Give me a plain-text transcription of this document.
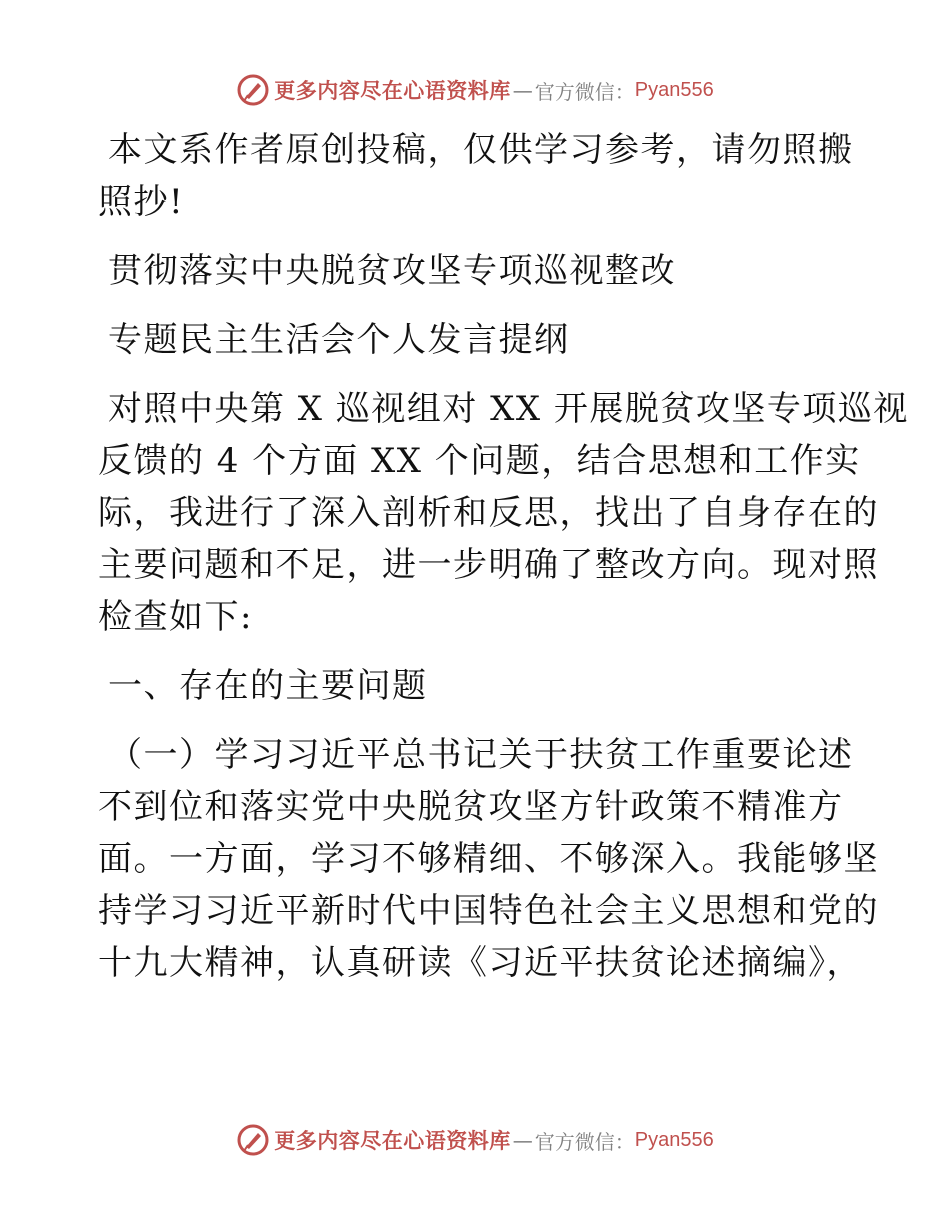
更多内容尽在心语资料库 — 官方微信： Pyan556
本文系作者原创投稿，仅供学习参考，请勿照搬
照抄!
贯彻落实中央脱贫攻坚专项巡视整改
专题民主生活会个人发言提纲
对照中央第 X 巡视组对 XX 开展脱贫攻坚专项巡视
反馈的 4 个方面 XX 个问题，结合思想和工作实
际，我进行了深入剖析和反思，找出了自身存在的
主要问题和不足，进一步明确了整改方向。现对照
检查如下:
一、存在的主要问题
（一）学习习近平总书记关于扶贫工作重要论述
不到位和落实党中央脱贫攻坚方针政策不精准方
面。一方面，学习不够精细、不够深入。我能够坚
持学习习近平新时代中国特色社会主义思想和党的
十九大精神，认真研读《习近平扶贫论述摘编》，
更多内容尽在心语资料库 — 官方微信： Pyan556
